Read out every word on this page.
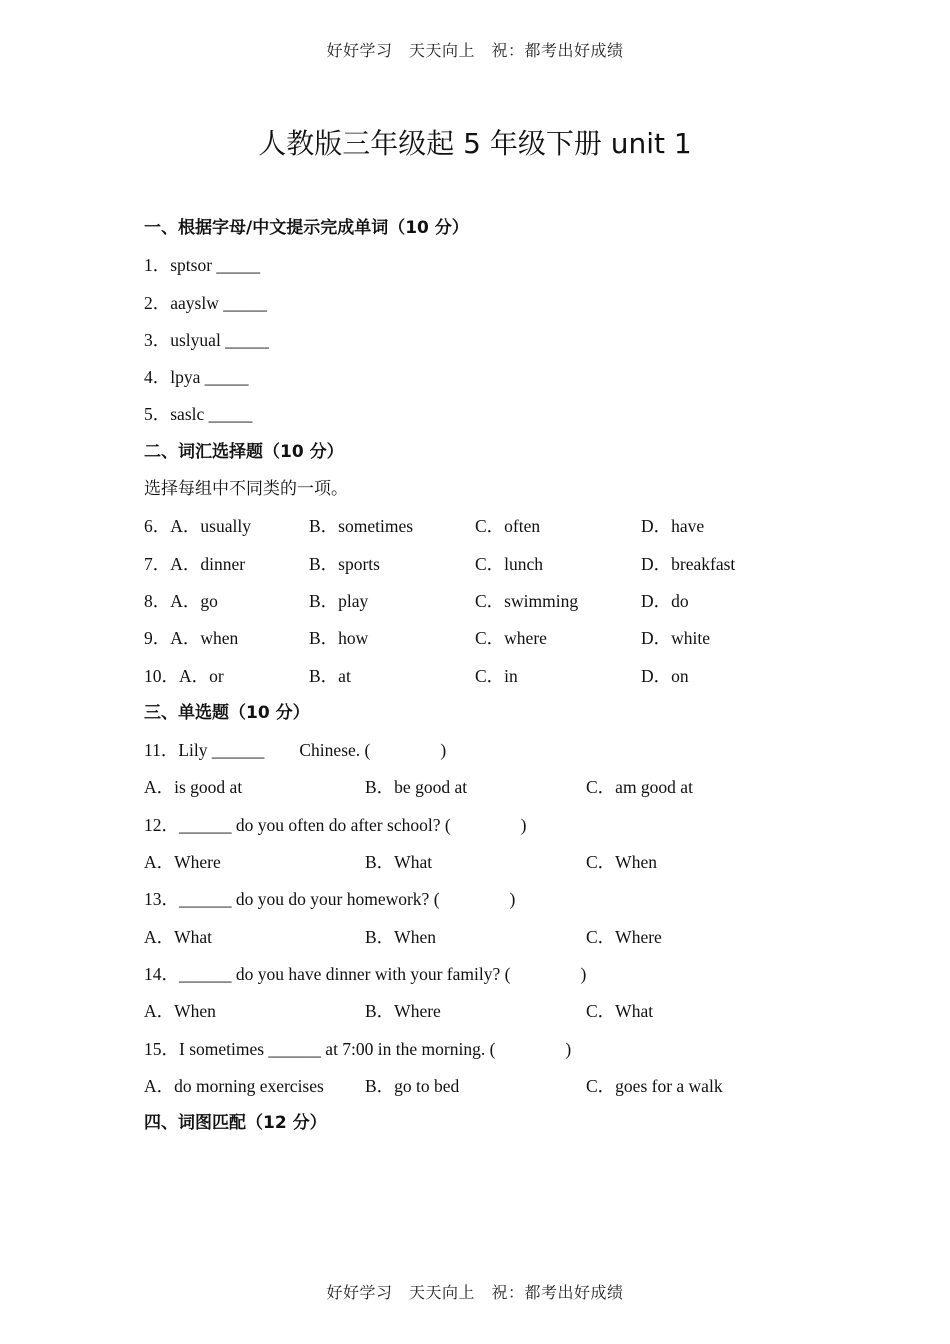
好好学习　天天向上　祝：都考出好成绩
人教版三年级起 5 年级下册 unit 1
一、根据字母/中文提示完成单词（10 分）
1．sptsor _____
2．aayslw _____
3．uslyual _____
4．lpya _____
5．saslc _____
二、词汇选择题（10 分）
选择每组中不同类的一项。
6．A．usually	B．sometimes	C．often	D．have
7．A．dinner	B．sports	C．lunch	D．breakfast
8．A．go	B．play	C．swimming	D．do
9．A．when	B．how	C．where	D．white
10．A．or	B．at	C．in	D．on
三、单选题（10 分）
11．Lily ______　　Chinese. (　　　　)
A．is good at	B．be good at	C．am good at
12．______ do you often do after school? (　　　　)
A．Where	B．What	C．When
13．______ do you do your homework? (　　　　)
A．What	B．When	C．Where
14．______ do you have dinner with your family? (　　　　)
A．When	B．Where	C．What
15．I sometimes ______ at 7:00 in the morning. (　　　　)
A．do morning exercises B．go to bed	C．goes for a walk
四、词图匹配（12 分）
好好学习　天天向上　祝：都考出好成绩
